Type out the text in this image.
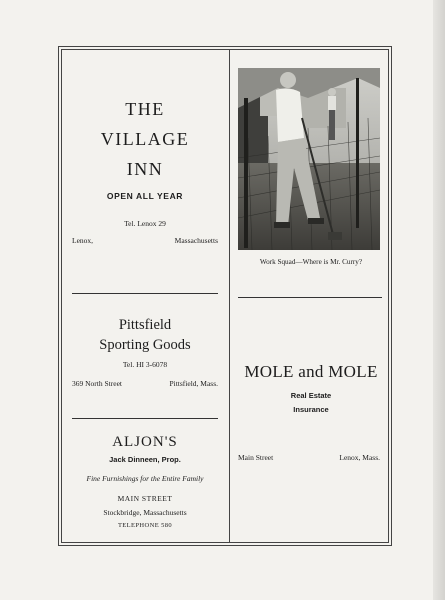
THE
VILLAGE
INN
OPEN ALL YEAR
Tel. Lenox 29
Lenox,	Massachusetts
Pittsfield
Sporting Goods
Tel. HI 3-6078
369 North Street	Pittsfield, Mass.
ALJON'S
Jack Dinneen, Prop.
Fine Furnishings for the Entire Family
MAIN STREET
Stockbridge, Massachusetts
TELEPHONE 580
Work Squad—Where is Mr. Curry?
MOLE and MOLE
Real Estate
Insurance
Main Street	Lenox, Mass.
